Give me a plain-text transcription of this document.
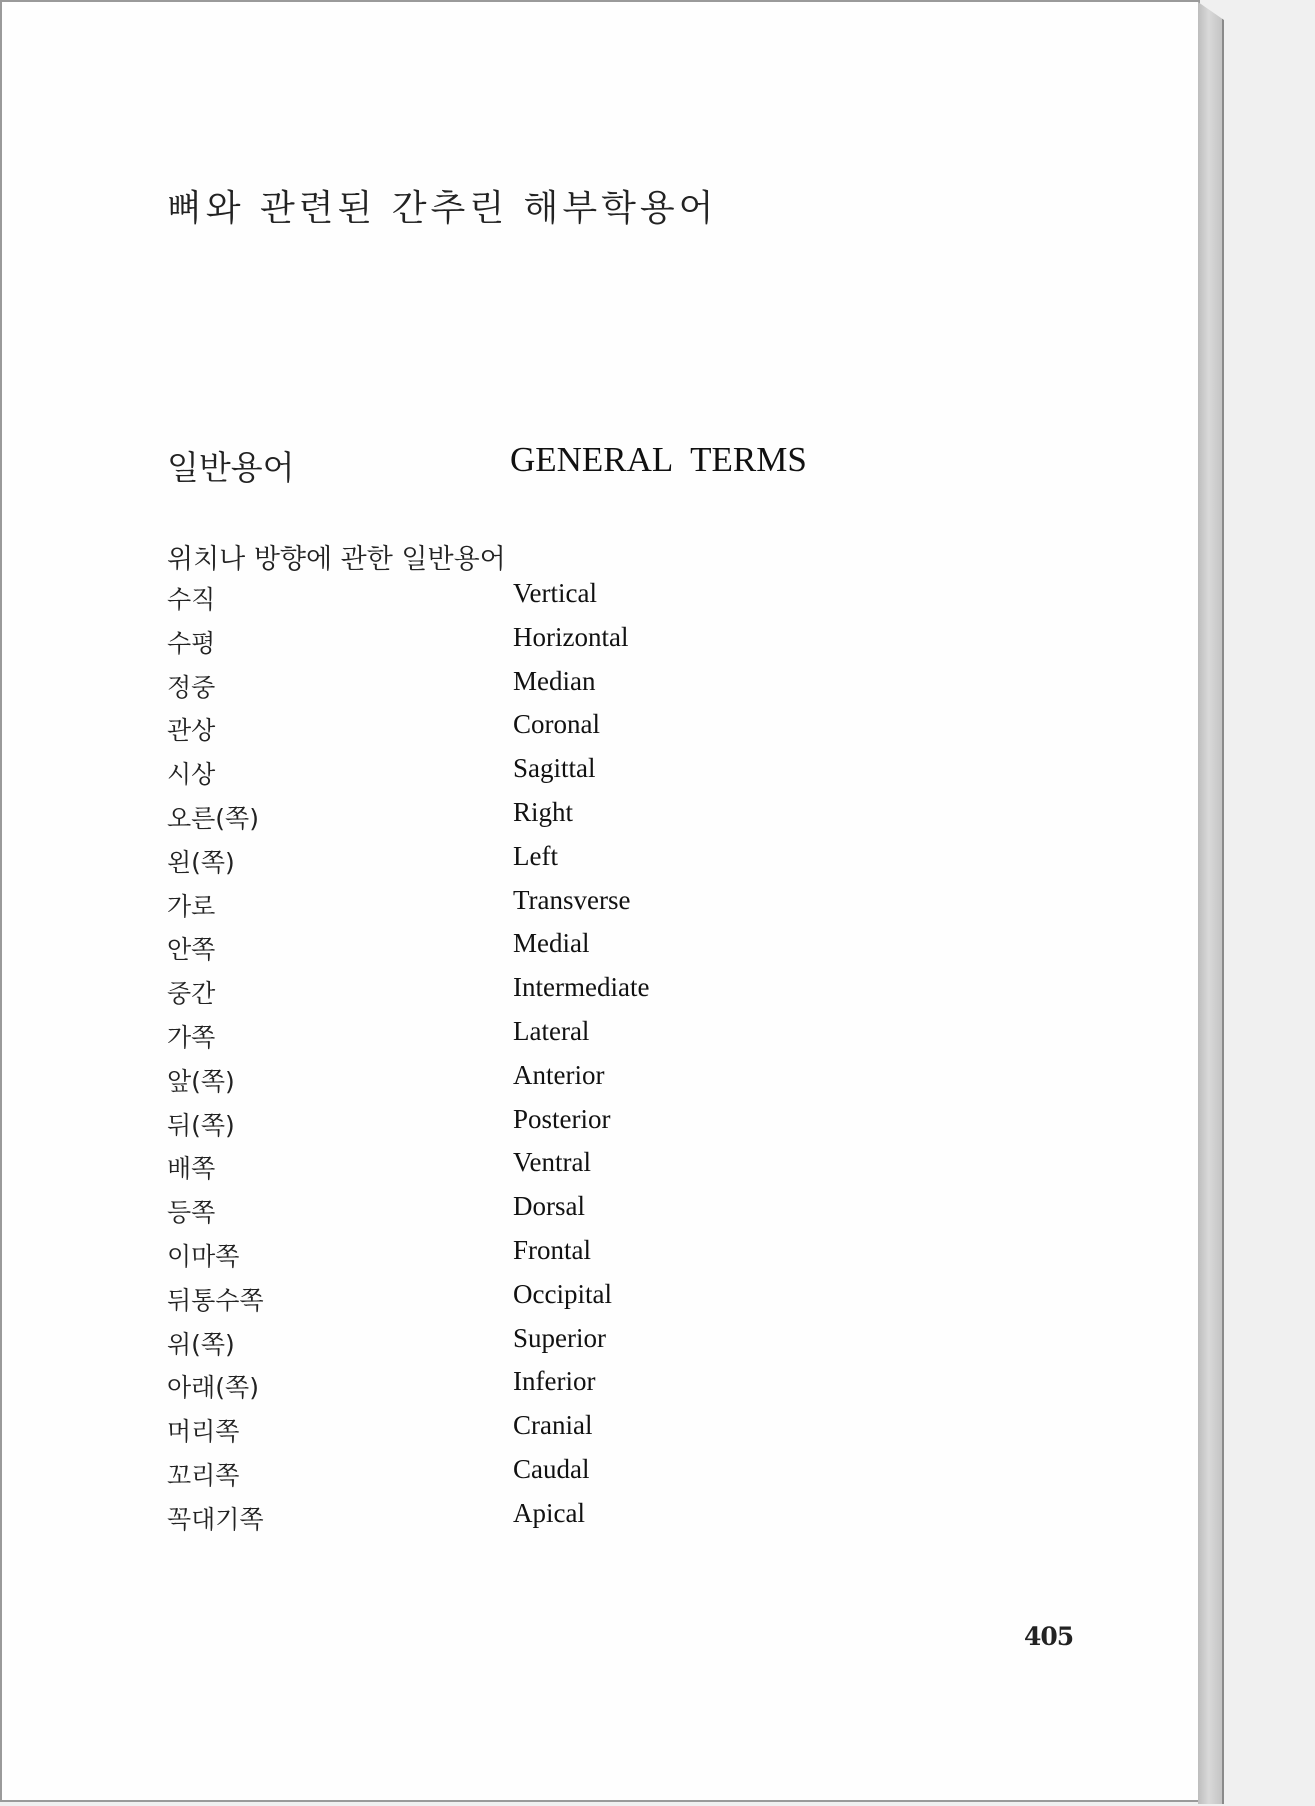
뼈와 관련된 간추린 해부학용어
일반용어	GENERAL TERMS
위치나 방향에 관한 일반용어
수직	Vertical
수평	Horizontal
정중	Median
관상	Coronal
시상	Sagittal
오른(쪽)	Right
왼(쪽)	Left
가로	Transverse
안쪽	Medial
중간	Intermediate
가쪽	Lateral
앞(쪽)	Anterior
뒤(쪽)	Posterior
배쪽	Ventral
등쪽	Dorsal
이마쪽	Frontal
뒤통수쪽	Occipital
위(쪽)	Superior
아래(쪽)	Inferior
머리쪽	Cranial
꼬리쪽	Caudal
꼭대기쪽	Apical
405
